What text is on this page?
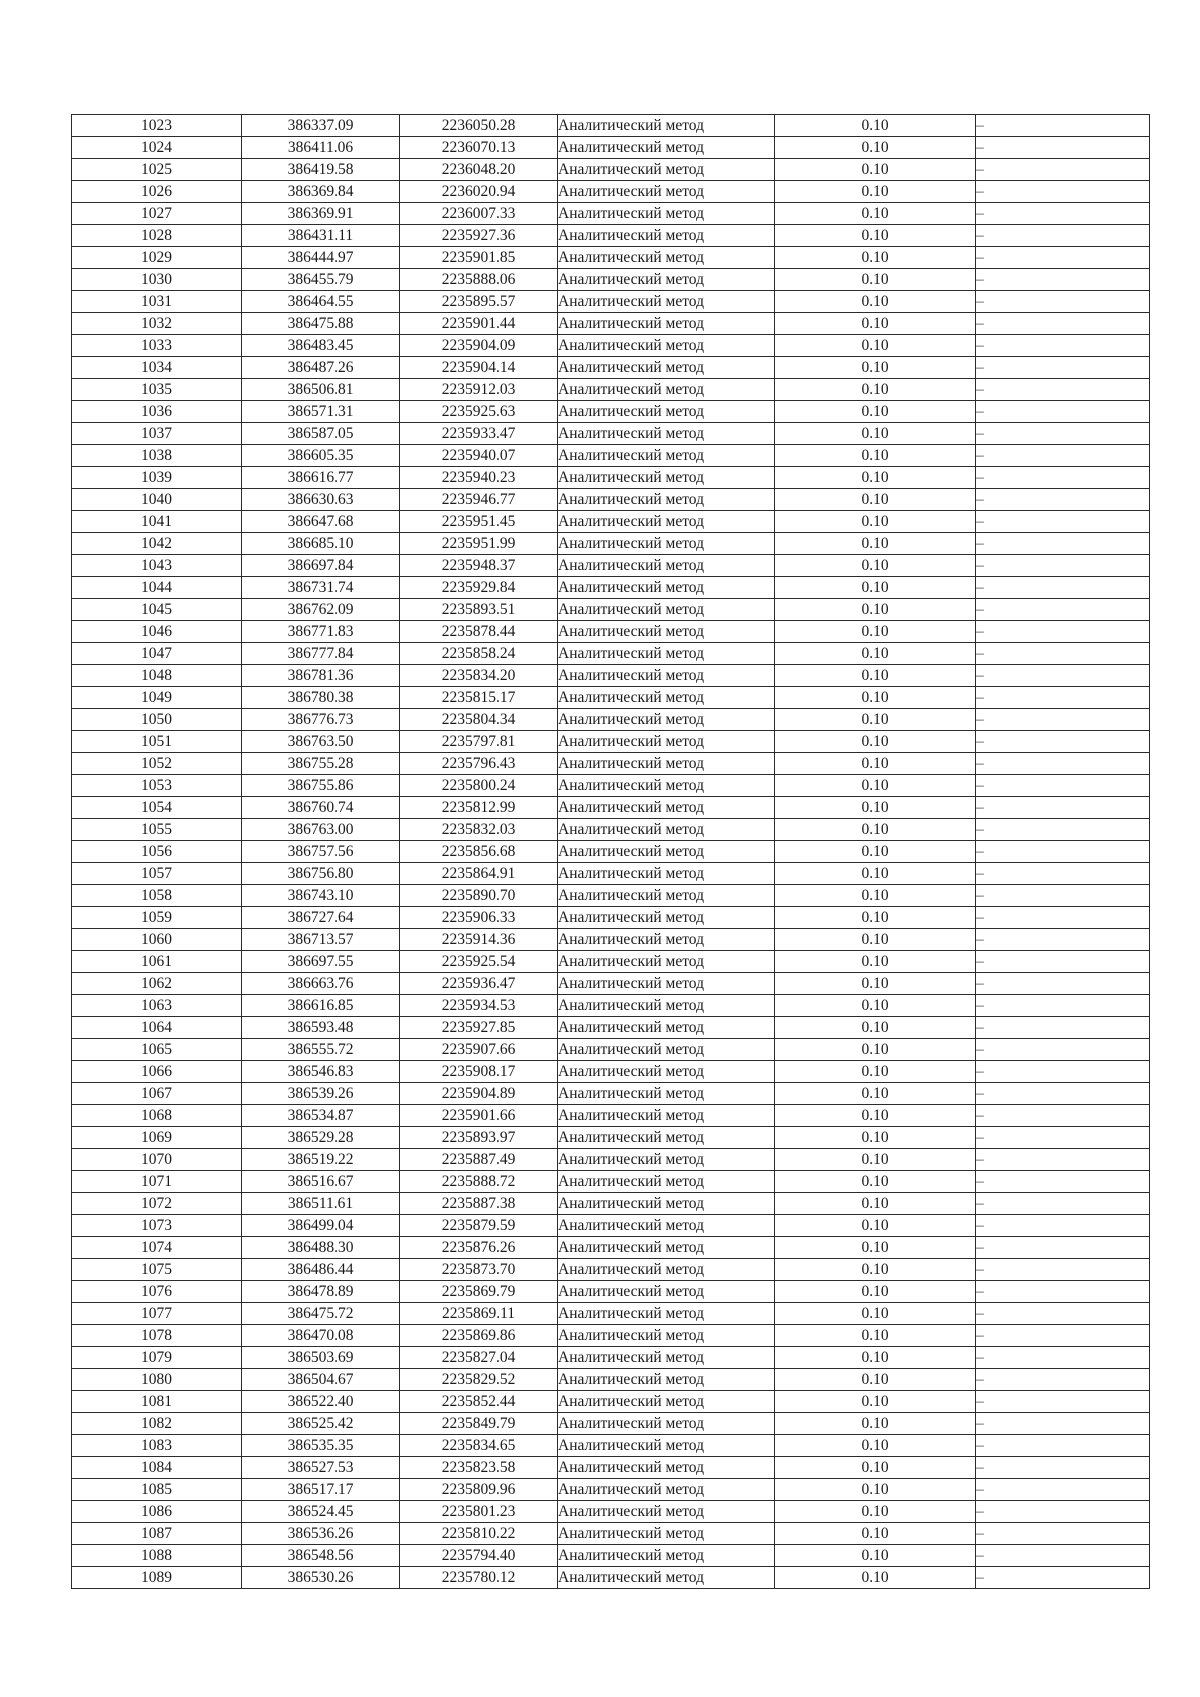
1023	386337.09	2236050.28	Аналитический метод	0.10	–
1024	386411.06	2236070.13	Аналитический метод	0.10	–
1025	386419.58	2236048.20	Аналитический метод	0.10	–
1026	386369.84	2236020.94	Аналитический метод	0.10	–
1027	386369.91	2236007.33	Аналитический метод	0.10	–
1028	386431.11	2235927.36	Аналитический метод	0.10	–
1029	386444.97	2235901.85	Аналитический метод	0.10	–
1030	386455.79	2235888.06	Аналитический метод	0.10	–
1031	386464.55	2235895.57	Аналитический метод	0.10	–
1032	386475.88	2235901.44	Аналитический метод	0.10	–
1033	386483.45	2235904.09	Аналитический метод	0.10	–
1034	386487.26	2235904.14	Аналитический метод	0.10	–
1035	386506.81	2235912.03	Аналитический метод	0.10	–
1036	386571.31	2235925.63	Аналитический метод	0.10	–
1037	386587.05	2235933.47	Аналитический метод	0.10	–
1038	386605.35	2235940.07	Аналитический метод	0.10	–
1039	386616.77	2235940.23	Аналитический метод	0.10	–
1040	386630.63	2235946.77	Аналитический метод	0.10	–
1041	386647.68	2235951.45	Аналитический метод	0.10	–
1042	386685.10	2235951.99	Аналитический метод	0.10	–
1043	386697.84	2235948.37	Аналитический метод	0.10	–
1044	386731.74	2235929.84	Аналитический метод	0.10	–
1045	386762.09	2235893.51	Аналитический метод	0.10	–
1046	386771.83	2235878.44	Аналитический метод	0.10	–
1047	386777.84	2235858.24	Аналитический метод	0.10	–
1048	386781.36	2235834.20	Аналитический метод	0.10	–
1049	386780.38	2235815.17	Аналитический метод	0.10	–
1050	386776.73	2235804.34	Аналитический метод	0.10	–
1051	386763.50	2235797.81	Аналитический метод	0.10	–
1052	386755.28	2235796.43	Аналитический метод	0.10	–
1053	386755.86	2235800.24	Аналитический метод	0.10	–
1054	386760.74	2235812.99	Аналитический метод	0.10	–
1055	386763.00	2235832.03	Аналитический метод	0.10	–
1056	386757.56	2235856.68	Аналитический метод	0.10	–
1057	386756.80	2235864.91	Аналитический метод	0.10	–
1058	386743.10	2235890.70	Аналитический метод	0.10	–
1059	386727.64	2235906.33	Аналитический метод	0.10	–
1060	386713.57	2235914.36	Аналитический метод	0.10	–
1061	386697.55	2235925.54	Аналитический метод	0.10	–
1062	386663.76	2235936.47	Аналитический метод	0.10	–
1063	386616.85	2235934.53	Аналитический метод	0.10	–
1064	386593.48	2235927.85	Аналитический метод	0.10	–
1065	386555.72	2235907.66	Аналитический метод	0.10	–
1066	386546.83	2235908.17	Аналитический метод	0.10	–
1067	386539.26	2235904.89	Аналитический метод	0.10	–
1068	386534.87	2235901.66	Аналитический метод	0.10	–
1069	386529.28	2235893.97	Аналитический метод	0.10	–
1070	386519.22	2235887.49	Аналитический метод	0.10	–
1071	386516.67	2235888.72	Аналитический метод	0.10	–
1072	386511.61	2235887.38	Аналитический метод	0.10	–
1073	386499.04	2235879.59	Аналитический метод	0.10	–
1074	386488.30	2235876.26	Аналитический метод	0.10	–
1075	386486.44	2235873.70	Аналитический метод	0.10	–
1076	386478.89	2235869.79	Аналитический метод	0.10	–
1077	386475.72	2235869.11	Аналитический метод	0.10	–
1078	386470.08	2235869.86	Аналитический метод	0.10	–
1079	386503.69	2235827.04	Аналитический метод	0.10	–
1080	386504.67	2235829.52	Аналитический метод	0.10	–
1081	386522.40	2235852.44	Аналитический метод	0.10	–
1082	386525.42	2235849.79	Аналитический метод	0.10	–
1083	386535.35	2235834.65	Аналитический метод	0.10	–
1084	386527.53	2235823.58	Аналитический метод	0.10	–
1085	386517.17	2235809.96	Аналитический метод	0.10	–
1086	386524.45	2235801.23	Аналитический метод	0.10	–
1087	386536.26	2235810.22	Аналитический метод	0.10	–
1088	386548.56	2235794.40	Аналитический метод	0.10	–
1089	386530.26	2235780.12	Аналитический метод	0.10	–
